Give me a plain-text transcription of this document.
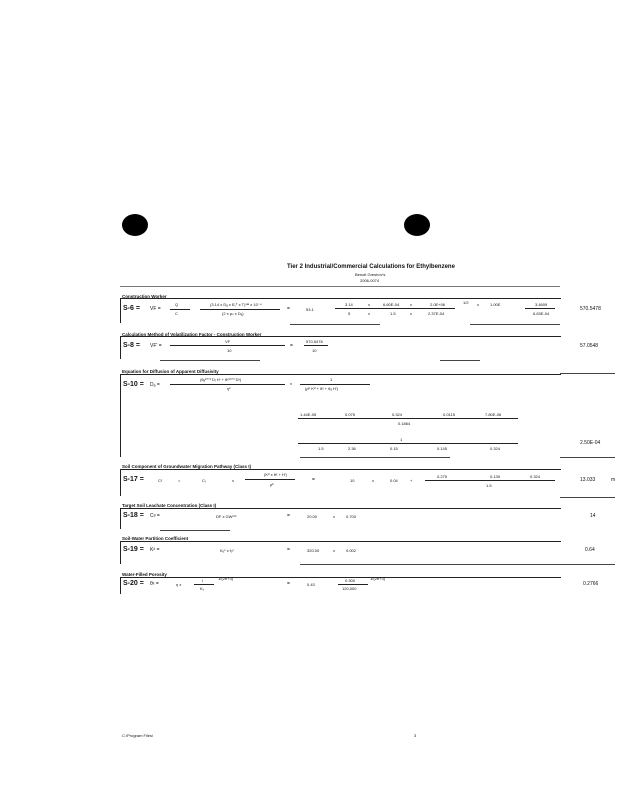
Tier 2 Industrial/Commercial Calculations for Ethylbenzene
Benoit Greshov's
2006-0074
Construction Worker
S-6 = VF =
Q
C
(3.14 x Dₐ x Eₜᵀ x T)¹ᵆ x 10⁻⁴
(2 x ρₙ x Dₐ)
=	53.1
3.14	x	6.60E-04	x	2.0E+06
5	x	1.5	x	2.37E-04
1/2 x	1.00E	3.4609
6.63E-04
570.5478
Calculation Method of Volatilization Factor - Construction Worker
S-8 = VF' =
VF
10
=
570.5478
10
57.0548
Equation for Diffusion of Apparent Diffusivity
S-10 = Dₐ =
(θₐ¹⁰ᐟ³ Dᵢ H' + θᵡ¹⁰ᐟ³ Dᵡ)
η²
x
1
(ρᵇ Kᵈ + θᵡ + θₐ H')
1.44E-05	0.075	0.324	0.0115	7.80E-06
0.1864
1
1.5	2.36	0.15	0.145	0.324
2.50E-04
Soil Component of Groundwater Migration Pathway (Class I)
S-17 =	Cᵡ	=	Cᵢ	x
(Kᵈ x θᵡ + H')
ρᵇ
=	10	x	0.04	+
0.275	0.139	0.324
1.5
13.033	m
Target Soil Leachate Concentration (Class I)
S-18 = Cᵍ =	DF x GWᵒᵗʰ	=	20.00	x	0.700	14
Soil-Water Partition Coefficient
S-19 = Kᵈ =	Kₒᶜ x fₒᶜ	=	320.00	x	0.002	0.64
Water-Filled Porosity
S-20 = θᵡ =	η x
I
Kₛ
1/(2b+3)
=	0.43
0.300
120,000
1/(2b+3)
0.2766
C:\Program Files\	3
